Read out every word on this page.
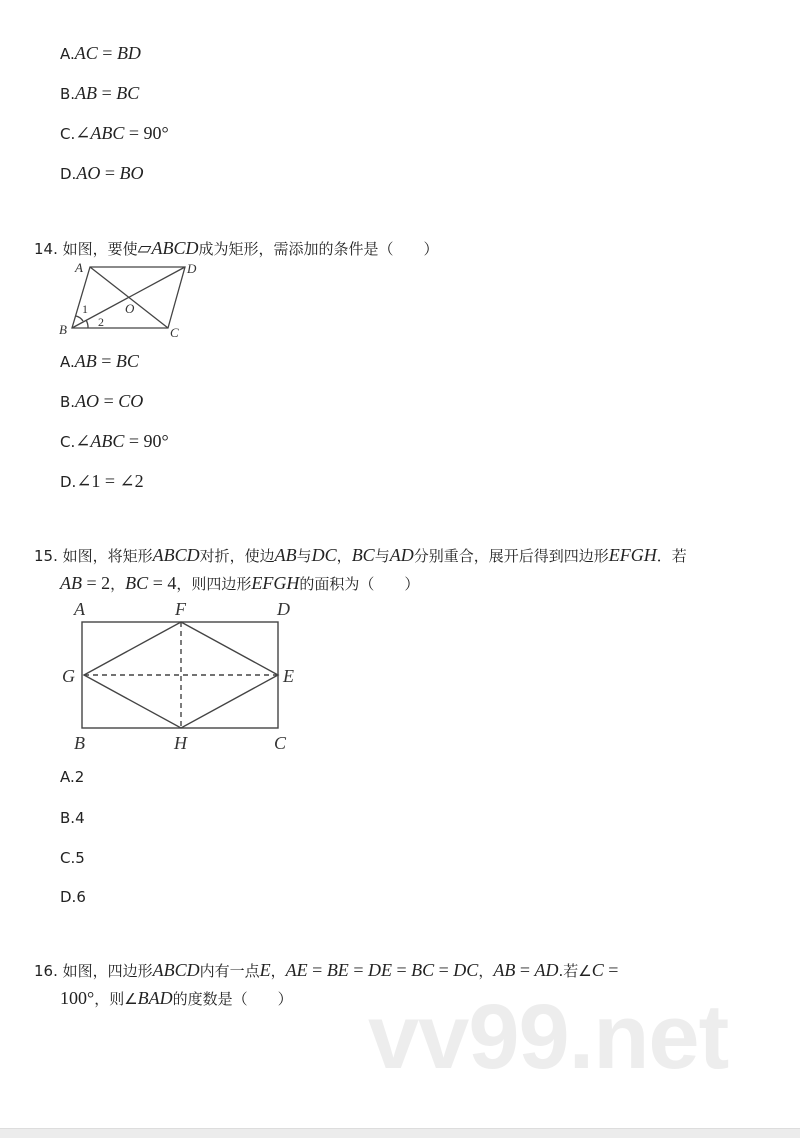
A.AC = BD
B.AB = BC
C.∠ABC = 90°
D.AO = BO
14. 如图，要使▱ABCD成为矩形，需添加的条件是（　　）
A	D
B	C
O
1
2
A	F	D
G	E
B	H	C
A.AB = BC
B.AO = CO
C.∠ABC = 90°
D.∠1 = ∠2
15. 如图，将矩形ABCD对折，使边AB与DC，BC与AD分别重合，展开后得到四边形EFGH．若
AB = 2，BC = 4，则四边形EFGH的面积为（　　）
A.2
B.4
C.5
D.6
vv99.net
16. 如图，四边形ABCD内有一点E，AE = BE = DE = BC = DC，AB = AD.若∠C =
100°，则∠BAD的度数是（　　）
